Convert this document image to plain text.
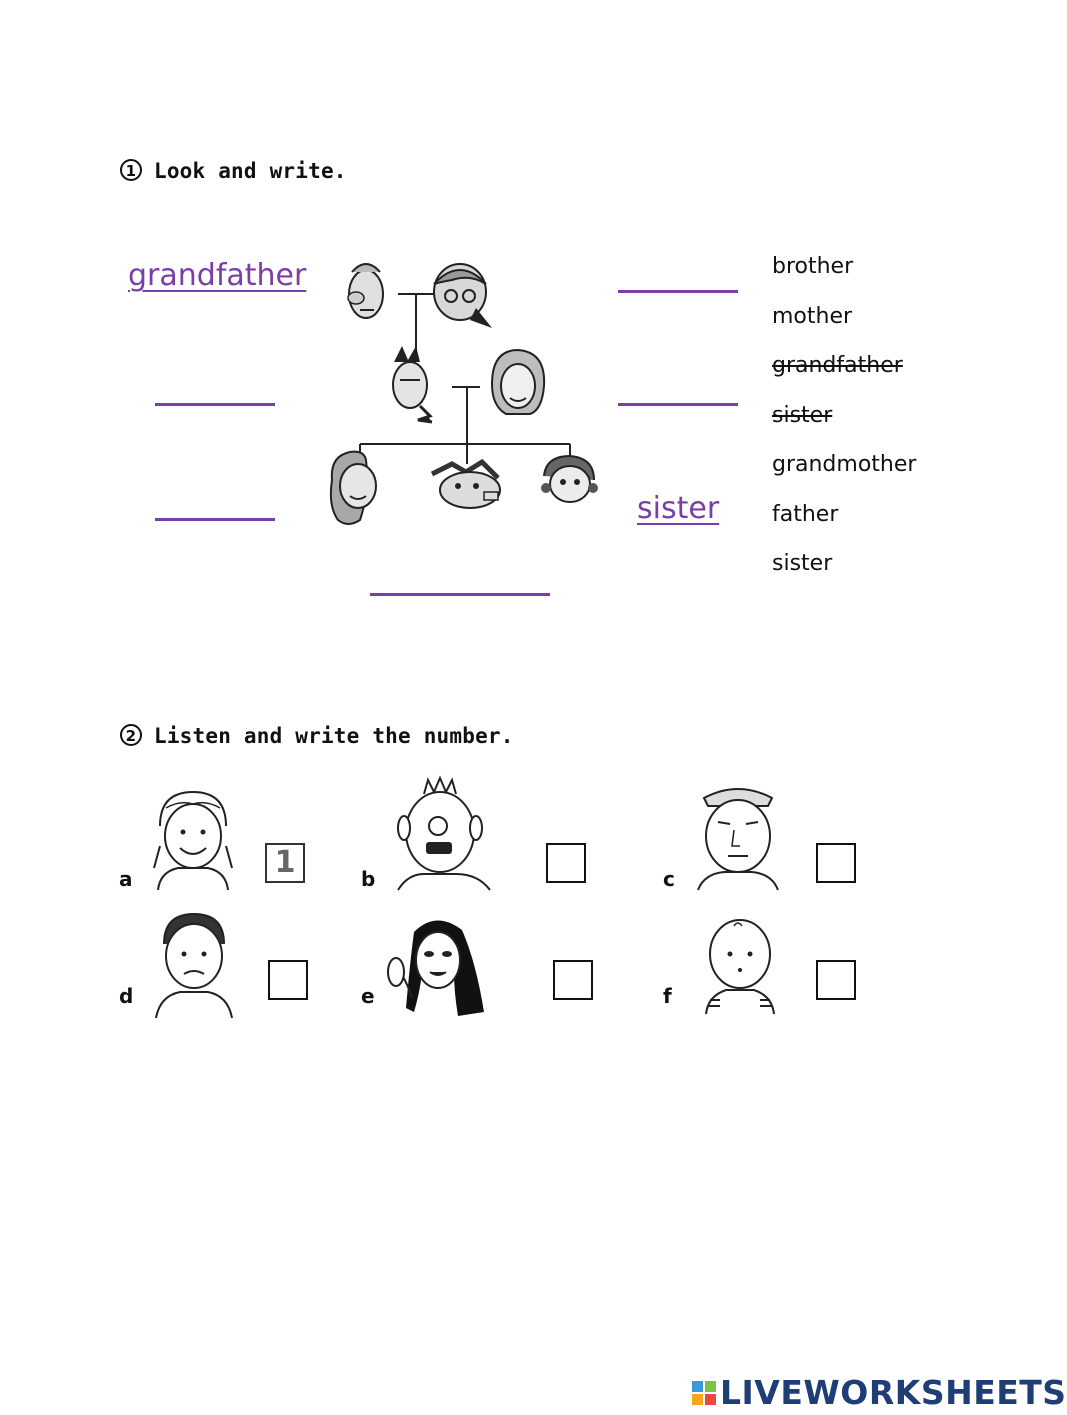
1 Look and write.
grandfather
sister
brother
mother
grandfather
sister
grandmother
father
sister
2 Listen and write the number.
a	1	b	c
d	e	f
LIVEWORKSHEETS
